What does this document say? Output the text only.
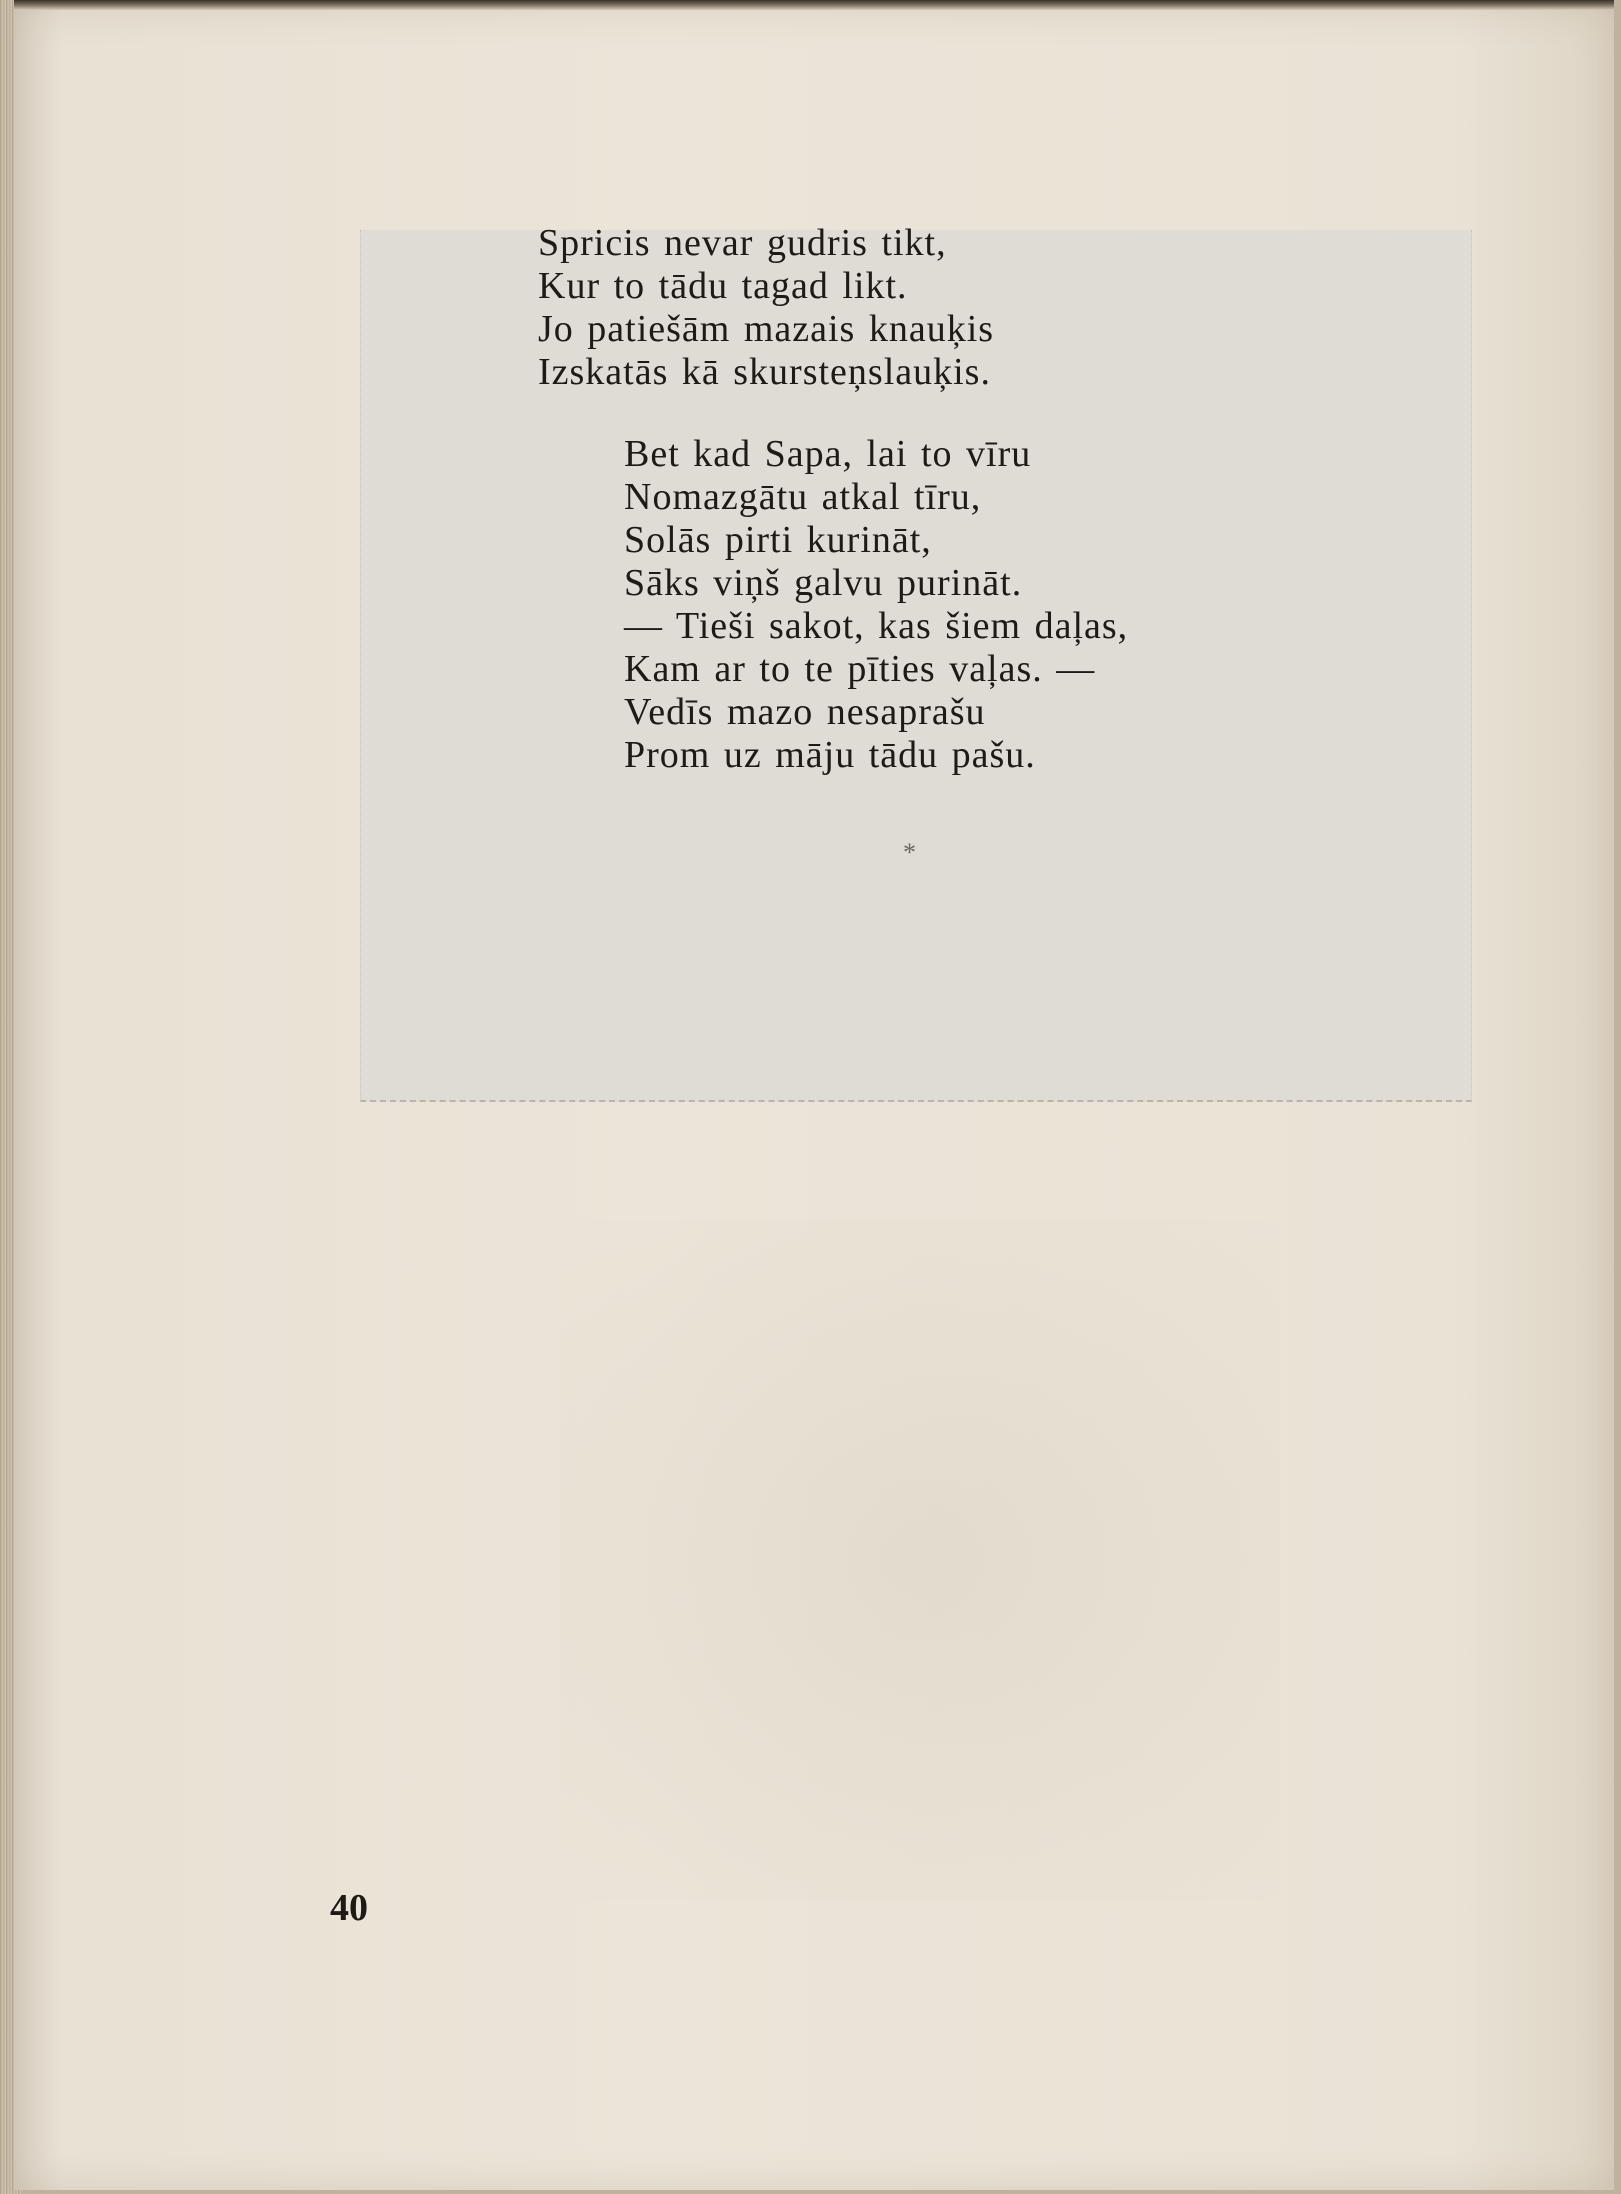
Spricis nevar gudris tikt,
Kur to tādu tagad likt.
Jo patiešām mazais knauķis
Izskatās kā skursteņslauķis.
Bet kad Sapa, lai to vīru
Nomazgātu atkal tīru,
Solās pirti kurināt,
Sāks viņš galvu purināt.
— Tieši sakot, kas šiem daļas,
Kam ar to te pīties vaļas. —
Vedīs mazo nesaprašu
Prom uz māju tādu pašu.
*
40
